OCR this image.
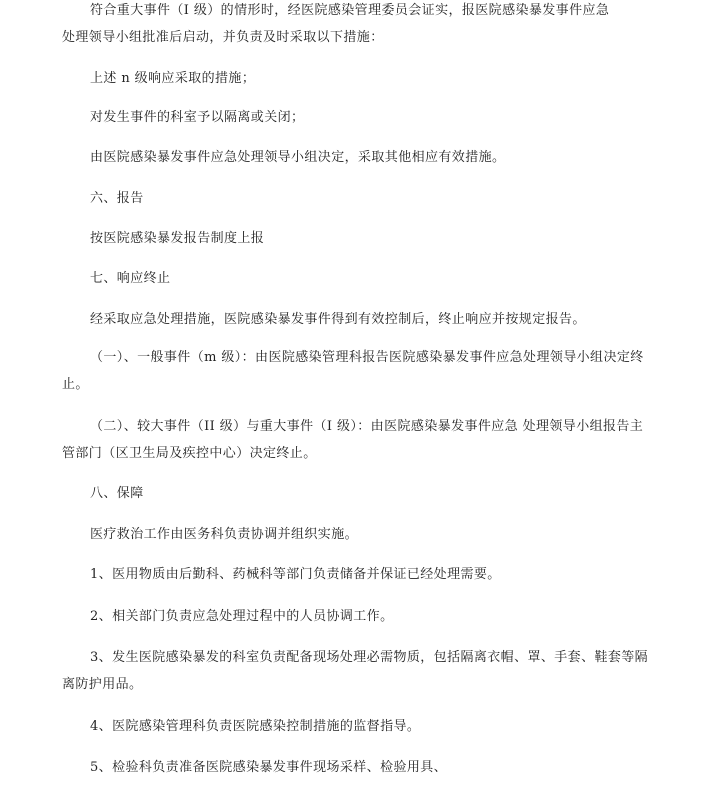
符合重大事件（I 级）的情形时，经医院感染管理委员会证实，报医院感染暴发事件应急
处理领导小组批准后启动，并负责及时采取以下措施：
上述 n 级响应采取的措施；
对发生事件的科室予以隔离或关闭；
由医院感染暴发事件应急处理领导小组决定，采取其他相应有效措施。
六、报告
按医院感染暴发报告制度上报
七、响应终止
经采取应急处理措施，医院感染暴发事件得到有效控制后，终止响应并按规定报告。
（一）、一般事件（m 级）：由医院感染管理科报告医院感染暴发事件应急处理领导小组决定终
止。
（二）、较大事件（II 级）与重大事件（I 级）：由医院感染暴发事件应急 处理领导小组报告主
管部门（区卫生局及疾控中心）决定终止。
八、保障
医疗救治工作由医务科负责协调并组织实施。
1、医用物质由后勤科、药械科等部门负责储备并保证已经处理需要。
2、相关部门负责应急处理过程中的人员协调工作。
3、发生医院感染暴发的科室负责配备现场处理必需物质，包括隔离衣帽、罩、手套、鞋套等隔
离防护用品。
4、医院感染管理科负责医院感染控制措施的监督指导。
5、检验科负责准备医院感染暴发事件现场采样、检验用具、
